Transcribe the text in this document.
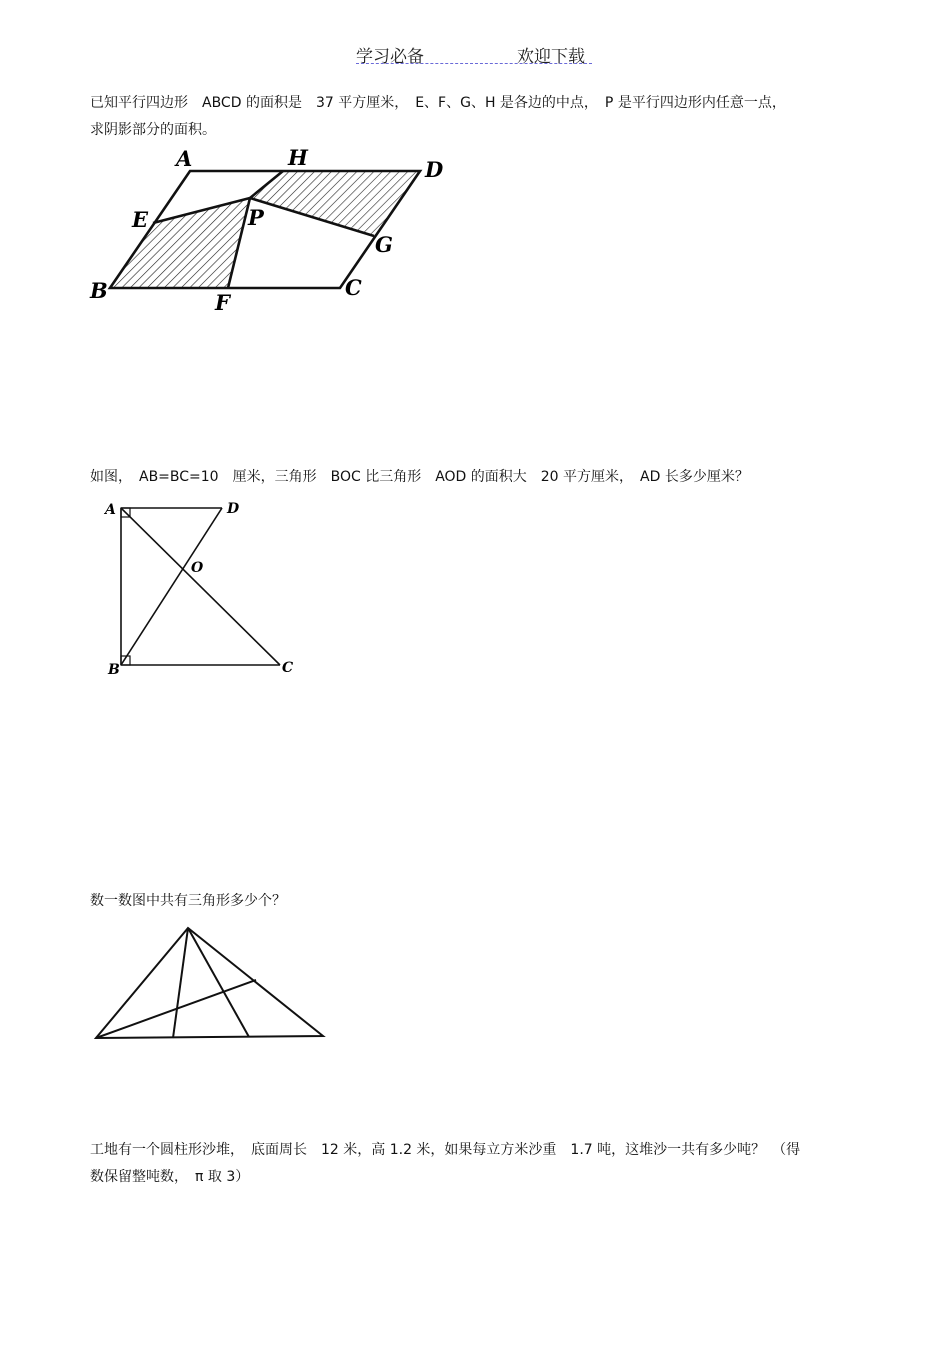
学习必备	欢迎下载
已知平行四边形　ABCD 的面积是　37 平方厘米，　E、F、G、H 是各边的中点，　P 是平行四边形内任意一点，
求阴影部分的面积。
A	H	D
E	P
G
B	F
C
如图，　AB=BC=10　厘米，三角形　BOC 比三角形　AOD 的面积大　20 平方厘米，　AD 长多少厘米？
A	D
O
B	C
数一数图中共有三角形多少个？
工地有一个圆柱形沙堆，　底面周长　12 米，高 1.2 米，如果每立方米沙重　1.7 吨，这堆沙一共有多少吨？　（得
数保留整吨数，　π 取 3）
